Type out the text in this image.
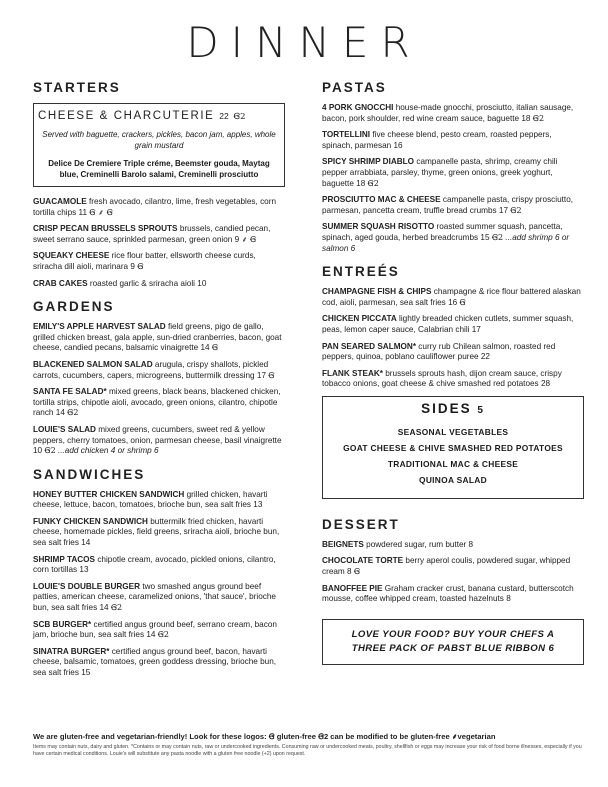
DINNER
STARTERS
CHEESE & CHARCUTERIE 22 Ꞡ2
Served with baguette, crackers, pickles, bacon jam, apples, whole grain mustard
Delice De Cremiere Triple créme, Beemster gouda, Maytag blue, Creminelli Barolo salami, Creminelli prosciutto
GUACAMOLE fresh avocado, cilantro, lime, fresh vegetables, corn tortilla chips 11 Ꞡ ⸙ Ꞡ
CRISP PECAN BRUSSELS SPROUTS brussels, candied pecan, sweet serrano sauce, sprinkled parmesan, green onion 9 ⸙ Ꞡ
SQUEAKY CHEESE rice flour batter, ellsworth cheese curds, sriracha dill aioli, marinara 9 Ꞡ
CRAB CAKES roasted garlic & sriracha aioli 10
GARDENS
EMILY'S APPLE HARVEST SALAD field greens, pigo de gallo, grilled chicken breast, gala apple, sun-dried cranberries, bacon, goat cheese, candied pecans, balsamic vinaigrette 14 Ꞡ
BLACKENED SALMON SALAD arugula, crispy shallots, pickled carrots, cucumbers, capers, microgreens, buttermilk dressing 17 Ꞡ
SANTA FE SALAD* mixed greens, black beans, blackened chicken, tortilla strips, chipotle aioli, avocado, green onions, cilantro, chipotle ranch 14 Ꞡ2
LOUIE'S SALAD mixed greens, cucumbers, sweet red & yellow peppers, cherry tomatoes, onion, parmesan cheese, basil vinaigrette 10 Ꞡ2 ...add chicken 4 or shrimp 6
SANDWICHES
HONEY BUTTER CHICKEN SANDWICH grilled chicken, havarti cheese, lettuce, bacon, tomatoes, brioche bun, sea salt fries 13
FUNKY CHICKEN SANDWICH buttermilk fried chicken, havarti cheese, homemade pickles, field greens, sriracha aioli, brioche bun, sea salt fries 14
SHRIMP TACOS chipotle cream, avocado, pickled onions, cilantro, corn tortillas 13
LOUIE'S DOUBLE BURGER two smashed angus ground beef patties, american cheese, caramelized onions, 'that sauce', brioche bun, sea salt fries 14 Ꞡ2
SCB BURGER* certified angus ground beef, serrano cream, bacon jam, brioche bun, sea salt fries 14 Ꞡ2
SINATRA BURGER* certified angus ground beef, bacon, havarti cheese, balsamic, tomatoes, green goddess dressing, brioche bun, sea salt fries 15
PASTAS
4 PORK GNOCCHI house-made gnocchi, prosciutto, italian sausage, bacon, pork shoulder, red wine cream sauce, baguette 18 Ꞡ2
TORTELLINI five cheese blend, pesto cream, roasted peppers, spinach, parmesan 16
SPICY SHRIMP DIABLO campanelle pasta, shrimp, creamy chili pepper arrabbiata, parsley, thyme, green onions, greek yoghurt, baguette 18 Ꞡ2
PROSCIUTTO MAC & CHEESE campanelle pasta, crispy prosciutto, parmesan, pancetta cream, truffle bread crumbs 17 Ꞡ2
SUMMER SQUASH RISOTTO roasted summer squash, pancetta, spinach, aged gouda, herbed breadcrumbs 15 Ꞡ2 ...add shrimp 6 or salmon 6
ENTREÉS
CHAMPAGNE FISH & CHIPS champagne & rice flour battered alaskan cod, aioli, parmesan, sea salt fries 16 Ꞡ
CHICKEN PICCATA lightly breaded chicken cutlets, summer squash, peas, lemon caper sauce, Calabrian chili 17
PAN SEARED SALMON* curry rub Chilean salmon, roasted red peppers, quinoa, poblano cauliflower puree 22
FLANK STEAK* brussels sprouts hash, dijon cream sauce, crispy tobacco onions, goat cheese & chive smashed red potatoes 28
SIDES 5
SEASONAL VEGETABLES
GOAT CHEESE & CHIVE SMASHED RED POTATOES
TRADITIONAL MAC & CHEESE
QUINOA SALAD
DESSERT
BEIGNETS powdered sugar, rum butter 8
CHOCOLATE TORTE berry aperol coulis, powdered sugar, whipped cream 8 Ꞡ
BANOFFEE PIE Graham cracker crust, banana custard, butterscotch mousse, coffee whipped cream, toasted hazelnuts 8
LOVE YOUR FOOD? BUY YOUR CHEFS A
THREE PACK OF PABST BLUE RIBBON 6
We are gluten-free and vegetarian-friendly! Look for these logos: Ꞡ gluten-free Ꞡ2 can be modified to be gluten-free ⸙vegetarian
Items may contain nuts, dairy and gluten. *Contains or may contain nuts, raw or undercooked ingredients. Consuming raw or undercooked meats, poultry, shellfish or eggs may increase your risk of food borne illnesses, especially if you have certain medical conditions. Louie's will substitute any pasta noodle with a gluten free noodle (+2) upon request.
